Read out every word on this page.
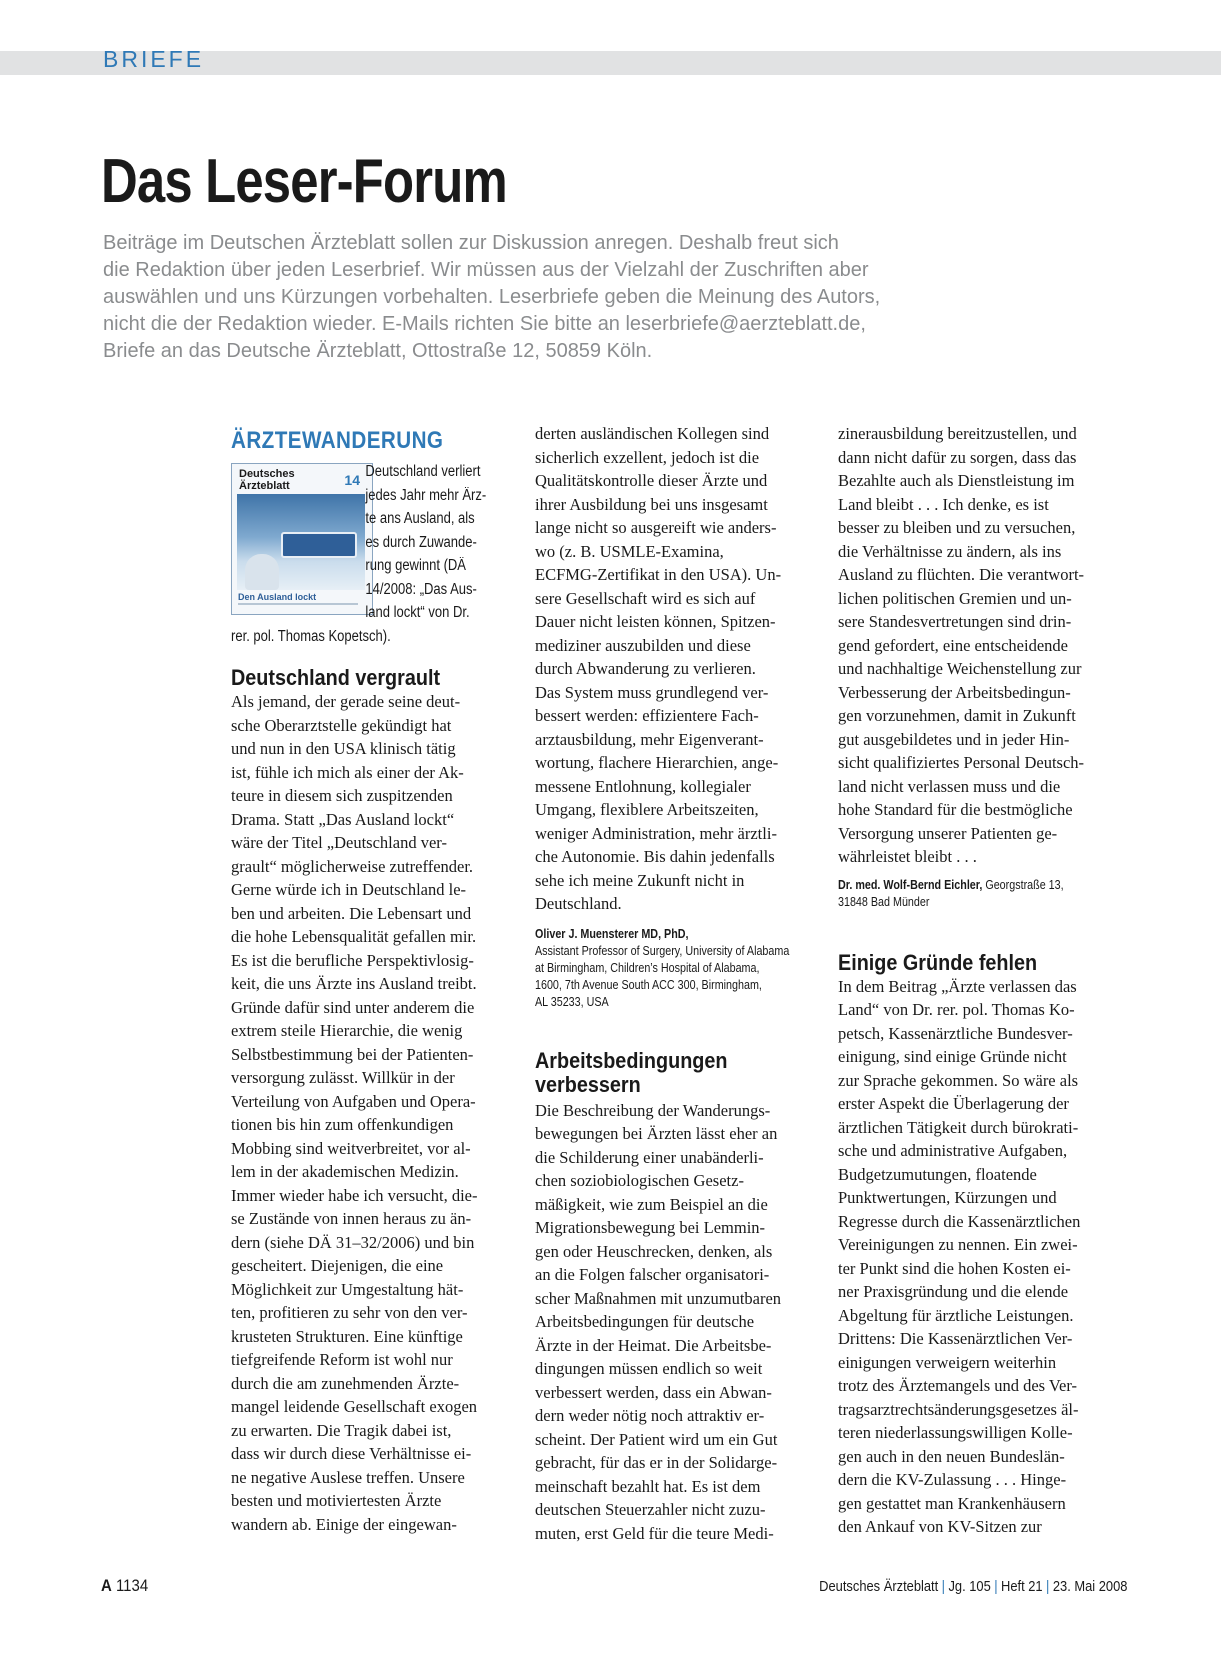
BRIEFE
Das Leser-Forum

Beiträge im Deutschen Ärzteblatt sollen zur Diskussion anregen. Deshalb freut sich

die Redaktion über jeden Leserbrief. Wir müssen aus der Vielzahl der Zuschriften aber

auswählen und uns Kürzungen vorbehalten. Leserbriefe geben die Meinung des Autors,

nicht die der Redaktion wieder. E-Mails richten Sie bitte an leserbriefe@aerzteblatt.de,

Briefe an das Deutsche Ärzteblatt, Ottostraße 12, 50859 Köln.

ÄRZTEWANDERUNG
Deutsches
Ärzteblatt	14
Den Ausland lockt

Deutschland verliert

jedes Jahr mehr Ärz-

te ans Ausland, als

es durch Zuwande-

rung gewinnt (DÄ

14/2008: „Das Aus-

land lockt“ von Dr.

rer. pol. Thomas Kopetsch).

Deutschland vergrault

Als jemand, der gerade seine deut-

sche Oberarztstelle gekündigt hat

und nun in den USA klinisch tätig

ist, fühle ich mich als einer der Ak-

teure in diesem sich zuspitzenden

Drama. Statt „Das Ausland lockt“

wäre der Titel „Deutschland ver-

grault“ möglicherweise zutreffender.

Gerne würde ich in Deutschland le-

ben und arbeiten. Die Lebensart und

die hohe Lebensqualität gefallen mir.

Es ist die berufliche Perspektivlosig-

keit, die uns Ärzte ins Ausland treibt.

Gründe dafür sind unter anderem die

extrem steile Hierarchie, die wenig

Selbstbestimmung bei der Patienten-

versorgung zulässt. Willkür in der

Verteilung von Aufgaben und Opera-

tionen bis hin zum offenkundigen

Mobbing sind weitverbreitet, vor al-

lem in der akademischen Medizin.

Immer wieder habe ich versucht, die-

se Zustände von innen heraus zu än-

dern (siehe DÄ 31–32/2006) und bin

gescheitert. Diejenigen, die eine

Möglichkeit zur Umgestaltung hät-

ten, profitieren zu sehr von den ver-

krusteten Strukturen. Eine künftige

tiefgreifende Reform ist wohl nur

durch die am zunehmenden Ärzte-

mangel leidende Gesellschaft exogen

zu erwarten. Die Tragik dabei ist,

dass wir durch diese Verhältnisse ei-

ne negative Auslese treffen. Unsere

besten und motiviertesten Ärzte

wandern ab. Einige der eingewan-

derten ausländischen Kollegen sind

sicherlich exzellent, jedoch ist die

Qualitätskontrolle dieser Ärzte und

ihrer Ausbildung bei uns insgesamt

lange nicht so ausgereift wie anders-

wo (z. B. USMLE-Examina,

ECFMG-Zertifikat in den USA). Un-

sere Gesellschaft wird es sich auf

Dauer nicht leisten können, Spitzen-

mediziner auszubilden und diese

durch Abwanderung zu verlieren.

Das System muss grundlegend ver-

bessert werden: effizientere Fach-

arztausbildung, mehr Eigenverant-

wortung, flachere Hierarchien, ange-

messene Entlohnung, kollegialer

Umgang, flexiblere Arbeitszeiten,

weniger Administration, mehr ärztli-

che Autonomie. Bis dahin jedenfalls

sehe ich meine Zukunft nicht in

Deutschland.

Oliver J. Muensterer MD, PhD,

Assistant Professor of Surgery, University of Alabama

at Birmingham, Children’s Hospital of Alabama,

1600, 7th Avenue South ACC 300, Birmingham,

AL 35233, USA

Arbeitsbedingungen
verbessern

Die Beschreibung der Wanderungs-

bewegungen bei Ärzten lässt eher an

die Schilderung einer unabänderli-

chen soziobiologischen Gesetz-

mäßigkeit, wie zum Beispiel an die

Migrationsbewegung bei Lemmin-

gen oder Heuschrecken, denken, als

an die Folgen falscher organisatori-

scher Maßnahmen mit unzumutbaren

Arbeitsbedingungen für deutsche

Ärzte in der Heimat. Die Arbeitsbe-

dingungen müssen endlich so weit

verbessert werden, dass ein Abwan-

dern weder nötig noch attraktiv er-

scheint. Der Patient wird um ein Gut

gebracht, für das er in der Solidarge-

meinschaft bezahlt hat. Es ist dem

deutschen Steuerzahler nicht zuzu-

muten, erst Geld für die teure Medi-

zinerausbildung bereitzustellen, und

dann nicht dafür zu sorgen, dass das

Bezahlte auch als Dienstleistung im

Land bleibt . . . Ich denke, es ist

besser zu bleiben und zu versuchen,

die Verhältnisse zu ändern, als ins

Ausland zu flüchten. Die verantwort-

lichen politischen Gremien und un-

sere Standesvertretungen sind drin-

gend gefordert, eine entscheidende

und nachhaltige Weichenstellung zur

Verbesserung der Arbeitsbedingun-

gen vorzunehmen, damit in Zukunft

gut ausgebildetes und in jeder Hin-

sicht qualifiziertes Personal Deutsch-

land nicht verlassen muss und die

hohe Standard für die bestmögliche

Versorgung unserer Patienten ge-

währleistet bleibt . . .

Dr. med. Wolf-Bernd Eichler, Georgstraße 13,

31848 Bad Münder

Einige Gründe fehlen

In dem Beitrag „Ärzte verlassen das

Land“ von Dr. rer. pol. Thomas Ko-

petsch, Kassenärztliche Bundesver-

einigung, sind einige Gründe nicht

zur Sprache gekommen. So wäre als

erster Aspekt die Überlagerung der

ärztlichen Tätigkeit durch bürokrati-

sche und administrative Aufgaben,

Budgetzumutungen, floatende

Punktwertungen, Kürzungen und

Regresse durch die Kassenärztlichen

Vereinigungen zu nennen. Ein zwei-

ter Punkt sind die hohen Kosten ei-

ner Praxisgründung und die elende

Abgeltung für ärztliche Leistungen.

Drittens: Die Kassenärztlichen Ver-

einigungen verweigern weiterhin

trotz des Ärztemangels und des Ver-

tragsarztrechtsänderungsgesetzes äl-

teren niederlassungswilligen Kolle-

gen auch in den neuen Bundeslän-

dern die KV-Zulassung . . . Hinge-

gen gestattet man Krankenhäusern

den Ankauf von KV-Sitzen zur

A 1134	Deutsches Ärzteblatt | Jg. 105 | Heft 21 | 23. Mai 2008
